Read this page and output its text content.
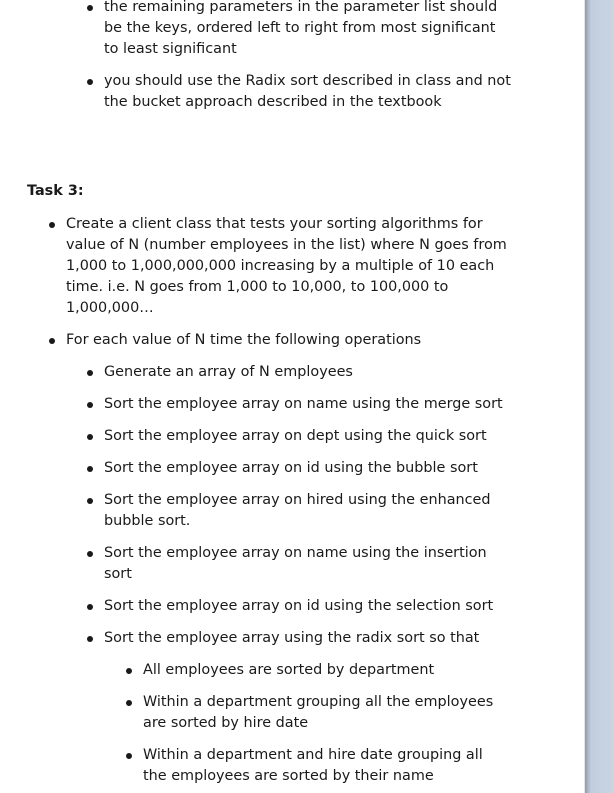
the remaining parameters in the parameter list should
be the keys, ordered left to right from most significant
to least significant
you should use the Radix sort described in class and not
the bucket approach described in the textbook
Task 3:
Create a client class that tests your sorting algorithms for
value of N (number employees in the list) where N goes from
1,000 to 1,000,000,000 increasing by a multiple of 10 each
time. i.e. N goes from 1,000 to 10,000, to 100,000 to
1,000,000…
For each value of N time the following operations
Generate an array of N employees
Sort the employee array on name using the merge sort
Sort the employee array on dept using the quick sort
Sort the employee array on id using the bubble sort
Sort the employee array on hired using the enhanced
bubble sort.
Sort the employee array on name using the insertion
sort
Sort the employee array on id using the selection sort
Sort the employee array using the radix sort so that
All employees are sorted by department
Within a department grouping all the employees
are sorted by hire date
Within a department and hire date grouping all
the employees are sorted by their name
